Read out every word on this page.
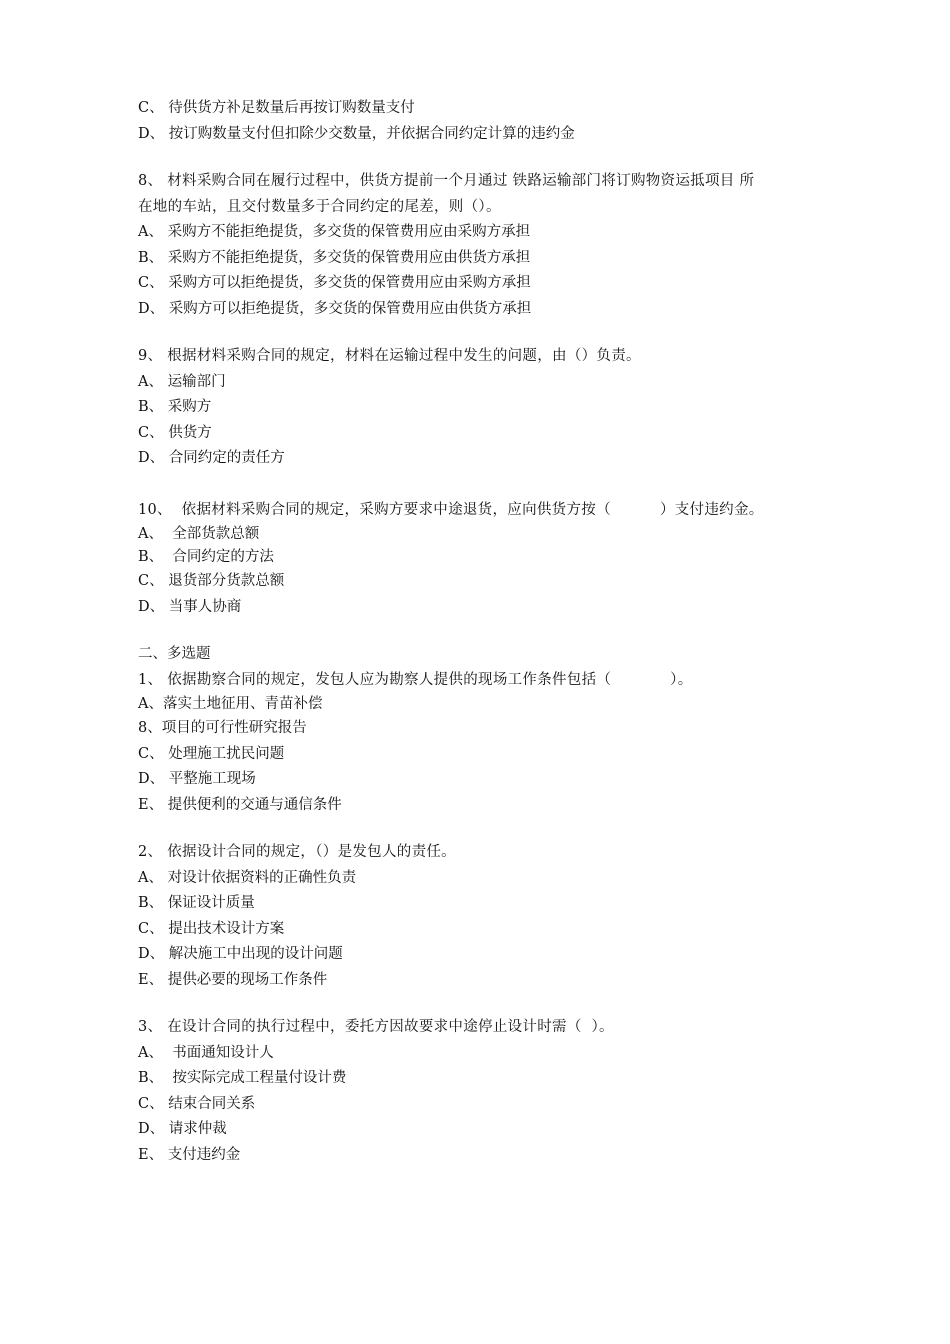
C、 待供货方补足数量后再按订购数量支付
D、 按订购数量支付但扣除少交数量，并依据合同约定计算的违约金
8、 材料采购合同在履行过程中，供货方提前一个月通过 铁路运输部门将订购物资运抵项目 所
在地的车站，且交付数量多于合同约定的尾差，则（）。
A、 采购方不能拒绝提货，多交货的保管费用应由采购方承担
B、 采购方不能拒绝提货，多交货的保管费用应由供货方承担
C、 采购方可以拒绝提货，多交货的保管费用应由采购方承担
D、 采购方可以拒绝提货，多交货的保管费用应由供货方承担
9、 根据材料采购合同的规定，材料在运输过程中发生的问题，由（）负责。
A、 运输部门
B、 采购方
C、 供货方
D、 合同约定的责任方
10、  依据材料采购合同的规定，采购方要求中途退货，应向供货方按（          ）支付违约金。
A、  全部货款总额
B、  合同约定的方法
C、 退货部分货款总额
D、 当事人协商
二、多选题
1、 依据勘察合同的规定，发包人应为勘察人提供的现场工作条件包括（            ）。
A、落实土地征用、青苗补偿
8、项目的可行性研究报告
C、 处理施工扰民问题
D、 平整施工现场
E、 提供便利的交通与通信条件
2、 依据设计合同的规定，（）是发包人的责任。
A、 对设计依据资料的正确性负责
B、 保证设计质量
C、 提出技术设计方案
D、 解决施工中出现的设计问题
E、 提供必要的现场工作条件
3、 在设计合同的执行过程中，委托方因故要求中途停止设计时需（  ）。
A、  书面通知设计人
B、  按实际完成工程量付设计费
C、 结束合同关系
D、 请求仲裁
E、 支付违约金
